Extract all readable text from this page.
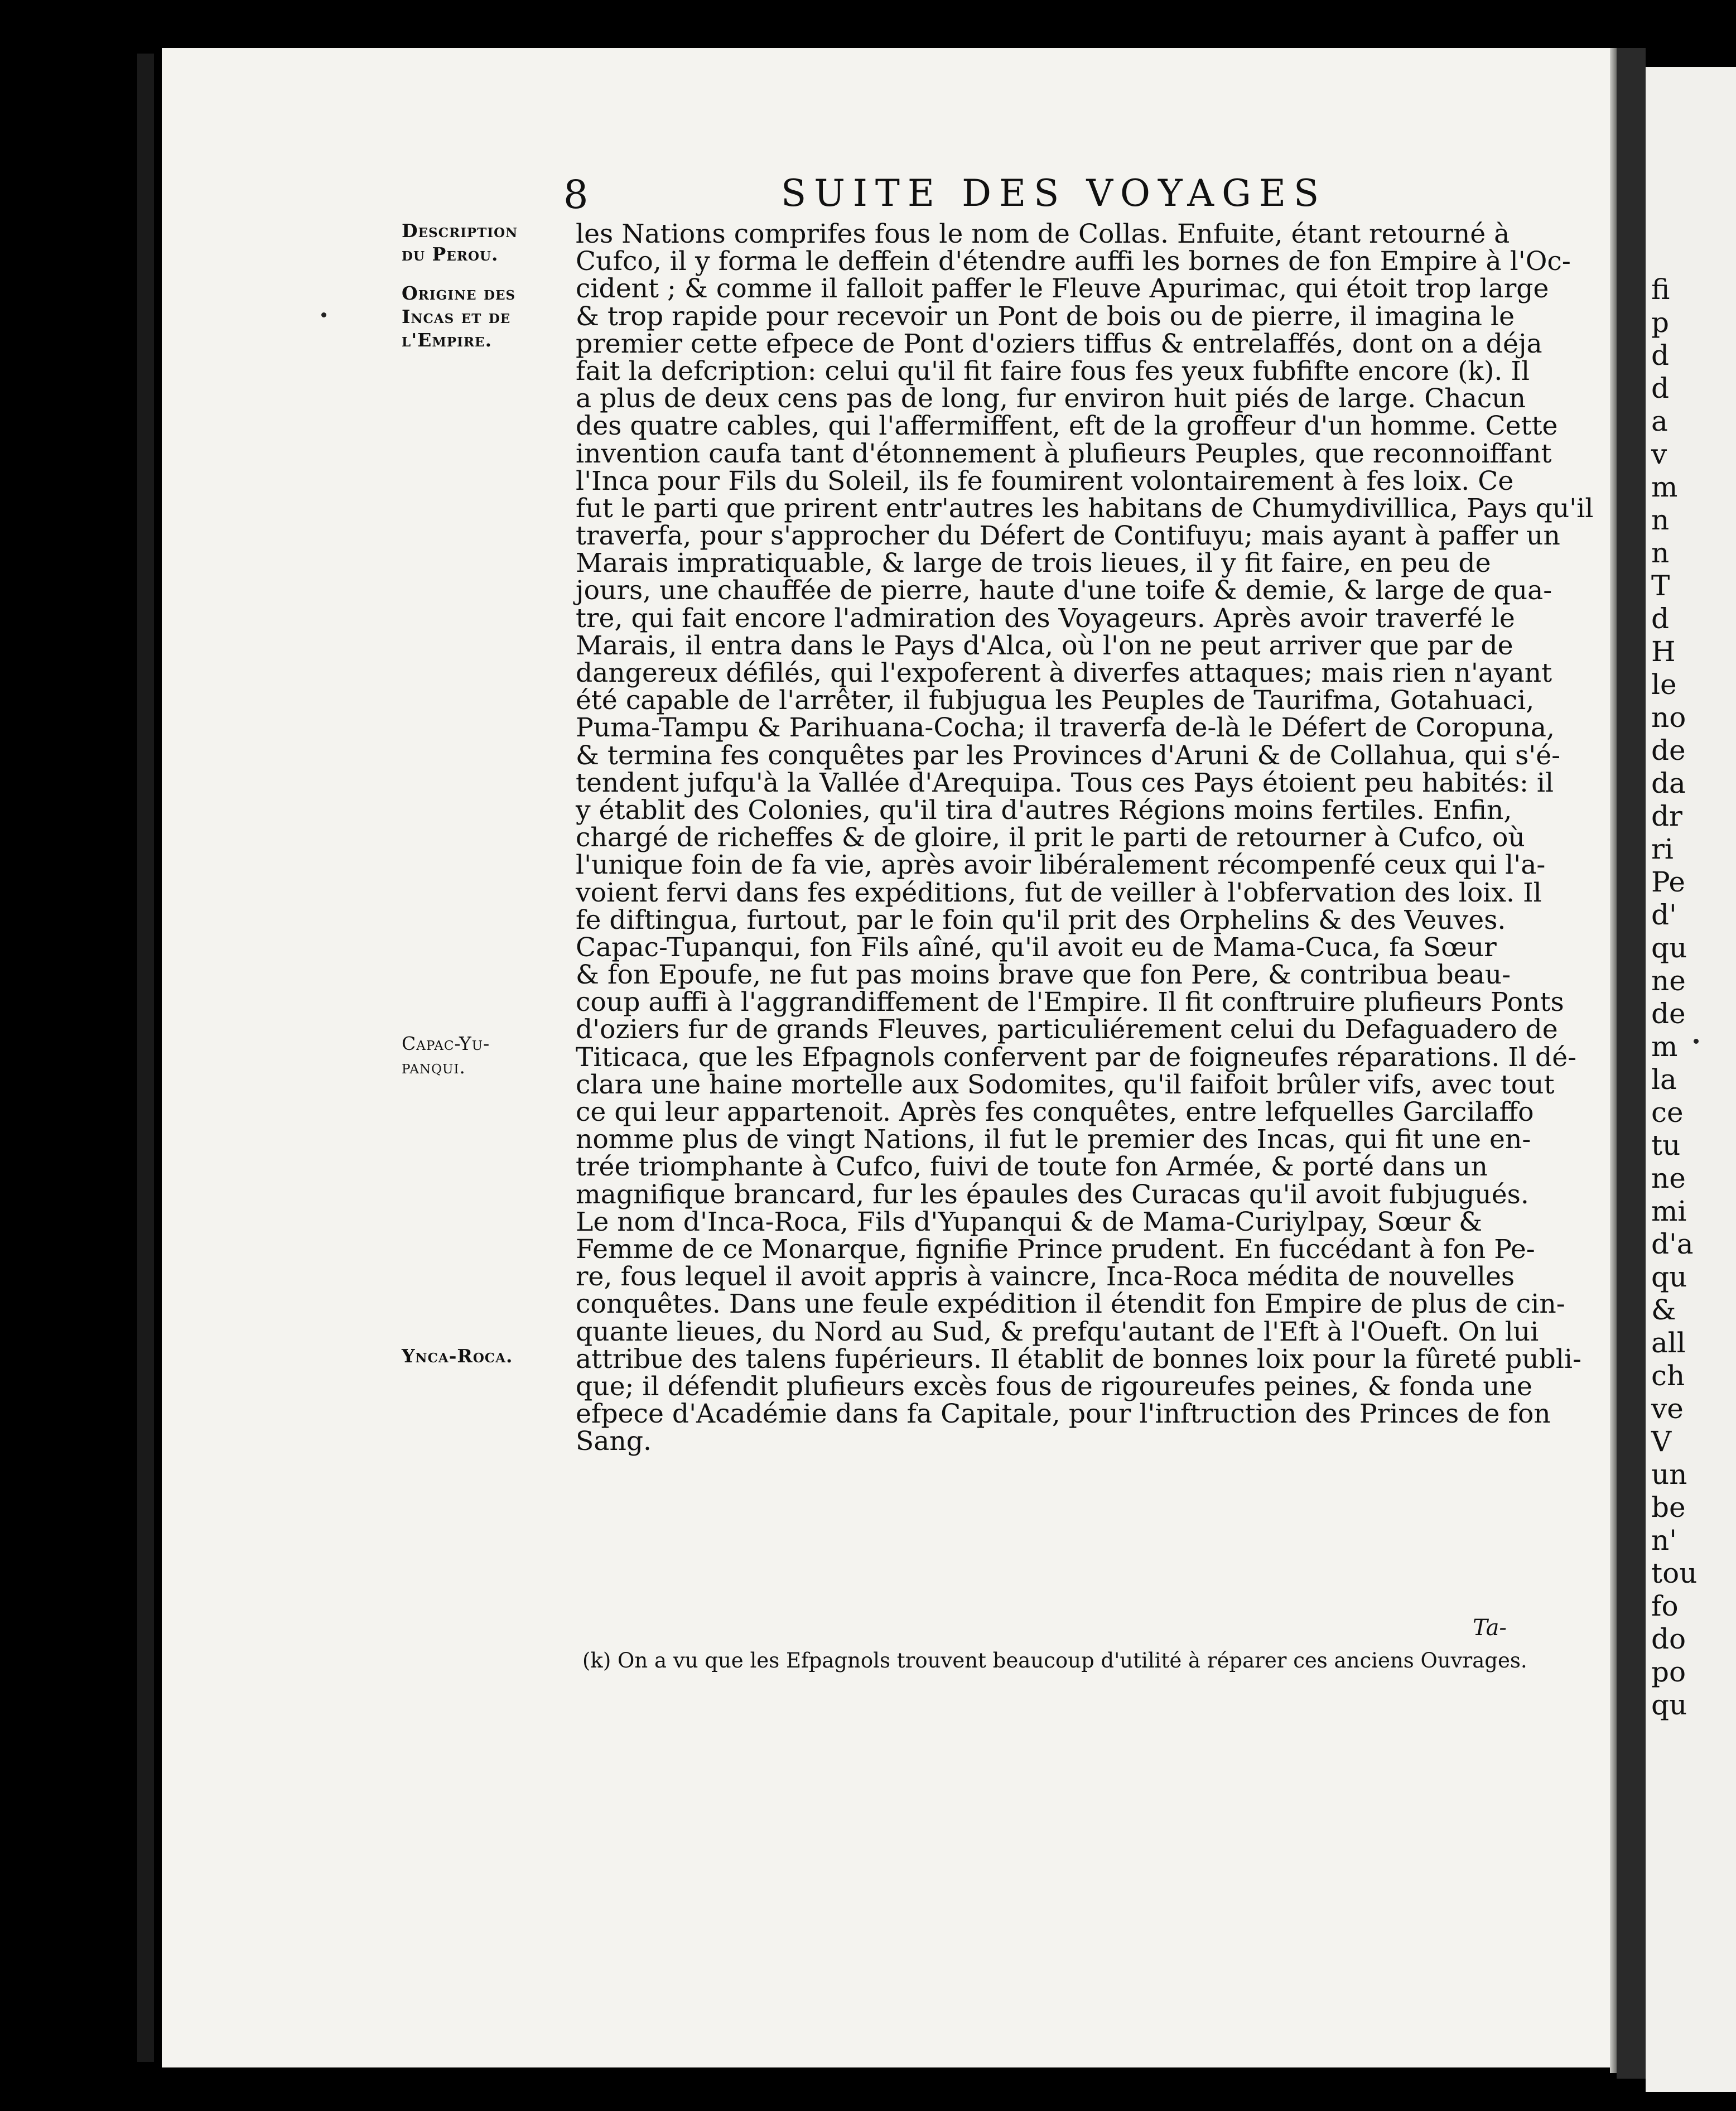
fi
p
d
d
a
v
m
n
n
T
d
H
le
no
de
da
dr
ri
Pe
d'
qu
ne
de
m
la
ce
tu
ne
mi
d'a
qu
&
all
ch
ve
V
un
be
n'
tou
fo
do
po
qu
8	SUITE DES VOYAGES
Description
du Perou.
Origine des
Incas et de
l'Empire.
Capac-Yu-
panqui.
Ynca-Roca.
les Nations comprifes fous le nom de Collas. Enfuite, étant retourné à
Cufco, il y forma le deffein d'étendre auffi les bornes de fon Empire à l'Oc-
cident ; & comme il falloit paffer le Fleuve Apurimac, qui étoit trop large
& trop rapide pour recevoir un Pont de bois ou de pierre, il imagina le
premier cette efpece de Pont d'oziers tiffus & entrelaffés, dont on a déja
fait la defcription: celui qu'il fit faire fous fes yeux fubfifte encore (k). Il
a plus de deux cens pas de long, fur environ huit piés de large. Chacun
des quatre cables, qui l'affermiffent, eft de la groffeur d'un homme. Cette
invention caufa tant d'étonnement à plufieurs Peuples, que reconnoiffant
l'Inca pour Fils du Soleil, ils fe foumirent volontairement à fes loix. Ce
fut le parti que prirent entr'autres les habitans de Chumydivillica, Pays qu'il
traverfa, pour s'approcher du Défert de Contifuyu; mais ayant à paffer un
Marais impratiquable, & large de trois lieues, il y fit faire, en peu de
jours, une chauffée de pierre, haute d'une toife & demie, & large de qua-
tre, qui fait encore l'admiration des Voyageurs. Après avoir traverfé le
Marais, il entra dans le Pays d'Alca, où l'on ne peut arriver que par de
dangereux défilés, qui l'expoferent à diverfes attaques; mais rien n'ayant
été capable de l'arrêter, il fubjugua les Peuples de Taurifma, Gotahuaci,
Puma-Tampu & Parihuana-Cocha; il traverfa de-là le Défert de Coropuna,
& termina fes conquêtes par les Provinces d'Aruni & de Collahua, qui s'é-
tendent jufqu'à la Vallée d'Arequipa. Tous ces Pays étoient peu habités: il
y établit des Colonies, qu'il tira d'autres Régions moins fertiles. Enfin,
chargé de richeffes & de gloire, il prit le parti de retourner à Cufco, où
l'unique foin de fa vie, après avoir libéralement récompenfé ceux qui l'a-
voient fervi dans fes expéditions, fut de veiller à l'obfervation des loix. Il
fe diftingua, furtout, par le foin qu'il prit des Orphelins & des Veuves.
Capac-Tupanqui, fon Fils aîné, qu'il avoit eu de Mama-Cuca, fa Sœur
& fon Epoufe, ne fut pas moins brave que fon Pere, & contribua beau-
coup auffi à l'aggrandiffement de l'Empire. Il fit conftruire plufieurs Ponts
d'oziers fur de grands Fleuves, particuliérement celui du Defaguadero de
Titicaca, que les Efpagnols confervent par de foigneufes réparations. Il dé-
clara une haine mortelle aux Sodomites, qu'il faifoit brûler vifs, avec tout
ce qui leur appartenoit. Après fes conquêtes, entre lefquelles Garcilaffo
nomme plus de vingt Nations, il fut le premier des Incas, qui fit une en-
trée triomphante à Cufco, fuivi de toute fon Armée, & porté dans un
magnifique brancard, fur les épaules des Curacas qu'il avoit fubjugués.
Le nom d'Inca-Roca, Fils d'Yupanqui & de Mama-Curiylpay, Sœur &
Femme de ce Monarque, fignifie Prince prudent. En fuccédant à fon Pe-
re, fous lequel il avoit appris à vaincre, Inca-Roca médita de nouvelles
conquêtes. Dans une feule expédition il étendit fon Empire de plus de cin-
quante lieues, du Nord au Sud, & prefqu'autant de l'Eft à l'Oueft. On lui
attribue des talens fupérieurs. Il établit de bonnes loix pour la fûreté publi-
que; il défendit plufieurs excès fous de rigoureufes peines, & fonda une
efpece d'Académie dans fa Capitale, pour l'inftruction des Princes de fon
Sang.
Ta-
(k) On a vu que les Efpagnols trouvent beaucoup d'utilité à réparer ces anciens Ouvrages.
